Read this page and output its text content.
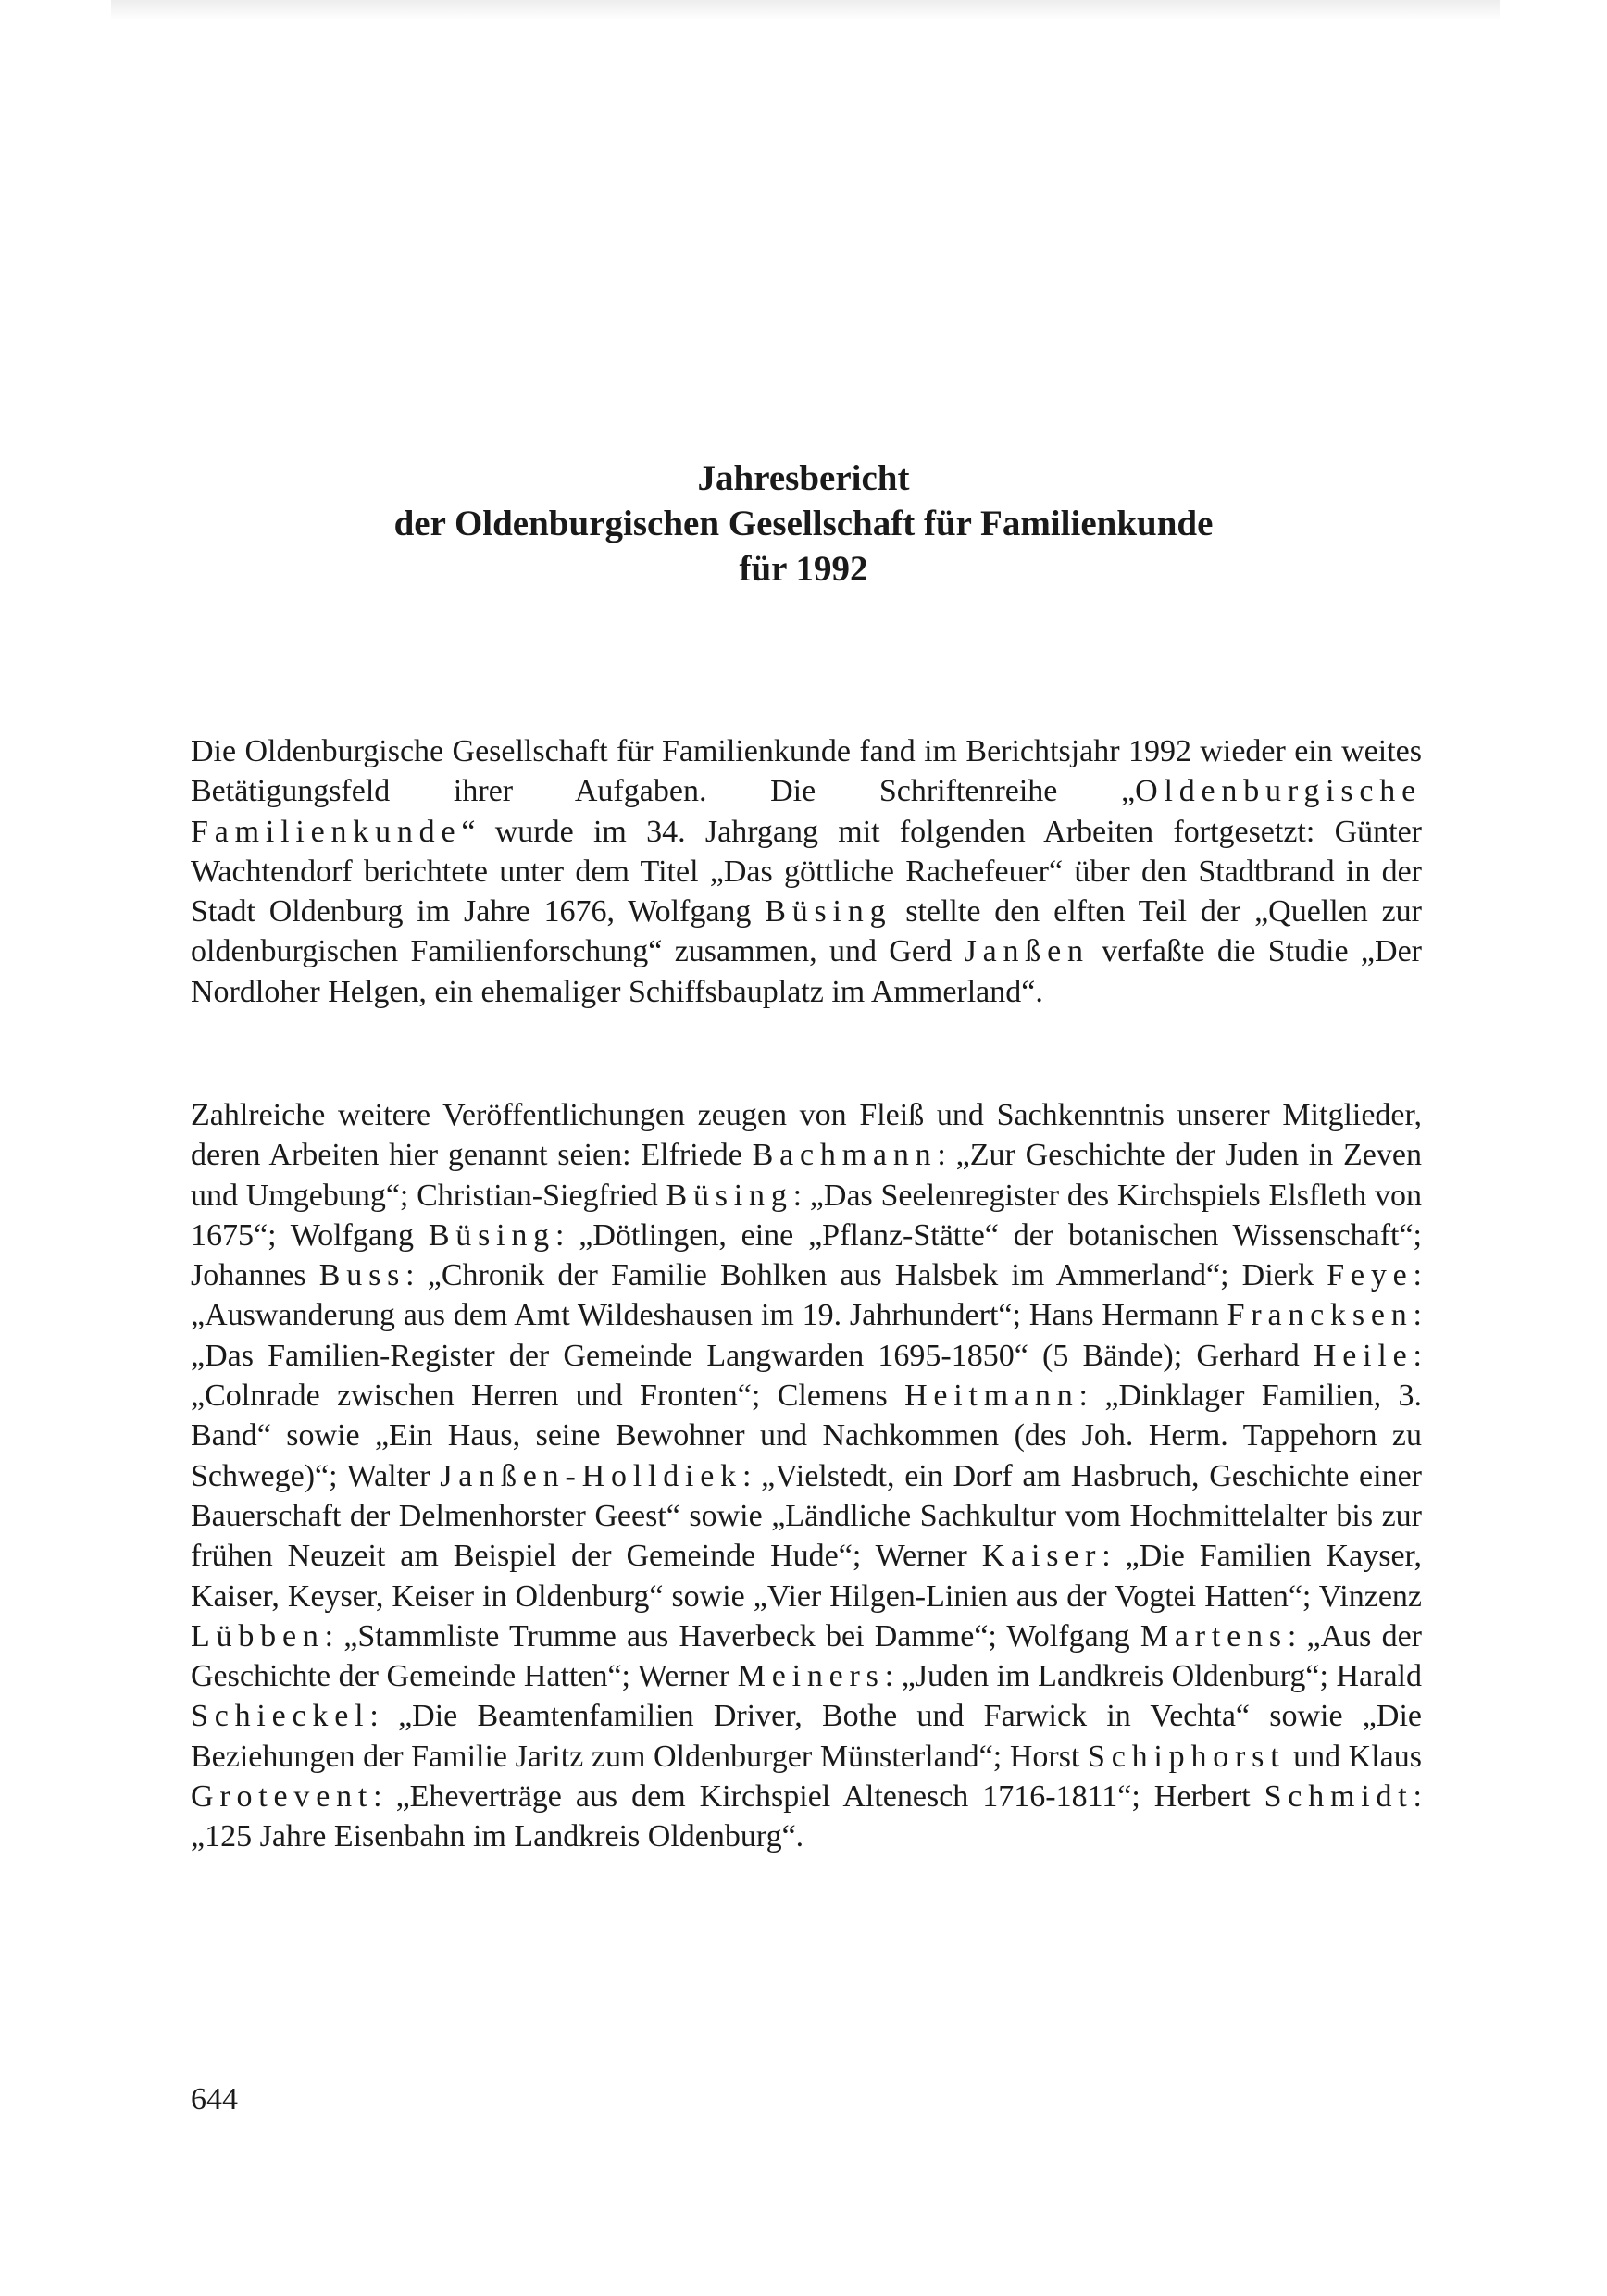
Jahresbericht
der Oldenburgischen Gesellschaft für Familienkunde
für 1992

Die Oldenburgische Gesellschaft für Familienkunde fand im Berichtsjahr 1992 wieder ein weites Betätigungsfeld ihrer Aufgaben. Die Schriftenreihe „Oldenburgische Familienkunde“ wurde im 34. Jahrgang mit folgenden Arbeiten fortgesetzt: Günter Wachtendorf berichtete unter dem Titel „Das göttliche Rachefeuer“ über den Stadtbrand in der Stadt Oldenburg im Jahre 1676, Wolfgang Büsing stellte den elften Teil der „Quellen zur oldenburgischen Familienforschung“ zusammen, und Gerd Janßen verfaßte die Studie „Der Nordloher Helgen, ein ehemaliger Schiffsbauplatz im Ammerland“.

Zahlreiche weitere Veröffentlichungen zeugen von Fleiß und Sachkenntnis unserer Mitglieder, deren Arbeiten hier genannt seien: Elfriede Bachmann: „Zur Geschichte der Juden in Zeven und Umgebung“; Christian-Siegfried Büsing: „Das Seelenregister des Kirchspiels Elsfleth von 1675“; Wolfgang Büsing: „Dötlingen, eine „Pflanz-Stätte“ der botanischen Wissenschaft“; Johannes Buss: „Chronik der Familie Bohlken aus Halsbek im Ammerland“; Dierk Feye: „Auswanderung aus dem Amt Wildeshausen im 19. Jahrhundert“; Hans Hermann Francksen: „Das Familien-Register der Gemeinde Langwarden 1695-1850“ (5 Bände); Gerhard Heile: „Colnrade zwischen Herren und Fronten“; Clemens Heitmann: „Dinklager Familien, 3. Band“ sowie „Ein Haus, seine Bewohner und Nachkommen (des Joh. Herm. Tappehorn zu Schwege)“; Walter Janßen-Holldiek: „Vielstedt, ein Dorf am Hasbruch, Geschichte einer Bauerschaft der Delmenhorster Geest“ sowie „Ländliche Sachkultur vom Hochmittelalter bis zur frühen Neuzeit am Beispiel der Gemeinde Hude“; Werner Kaiser: „Die Familien Kayser, Kaiser, Keyser, Keiser in Oldenburg“ sowie „Vier Hilgen-Linien aus der Vogtei Hatten“; Vinzenz Lübben: „Stammliste Trumme aus Haverbeck bei Damme“; Wolfgang Martens: „Aus der Geschichte der Gemeinde Hatten“; Werner Meiners: „Juden im Landkreis Oldenburg“; Harald Schieckel: „Die Beamtenfamilien Driver, Bothe und Farwick in Vechta“ sowie „Die Beziehungen der Familie Jaritz zum Oldenburger Münsterland“; Horst Schiphorst und Klaus Grotevent: „Eheverträge aus dem Kirchspiel Altenesch 1716-1811“; Herbert Schmidt: „125 Jahre Eisenbahn im Landkreis Oldenburg“.

644
